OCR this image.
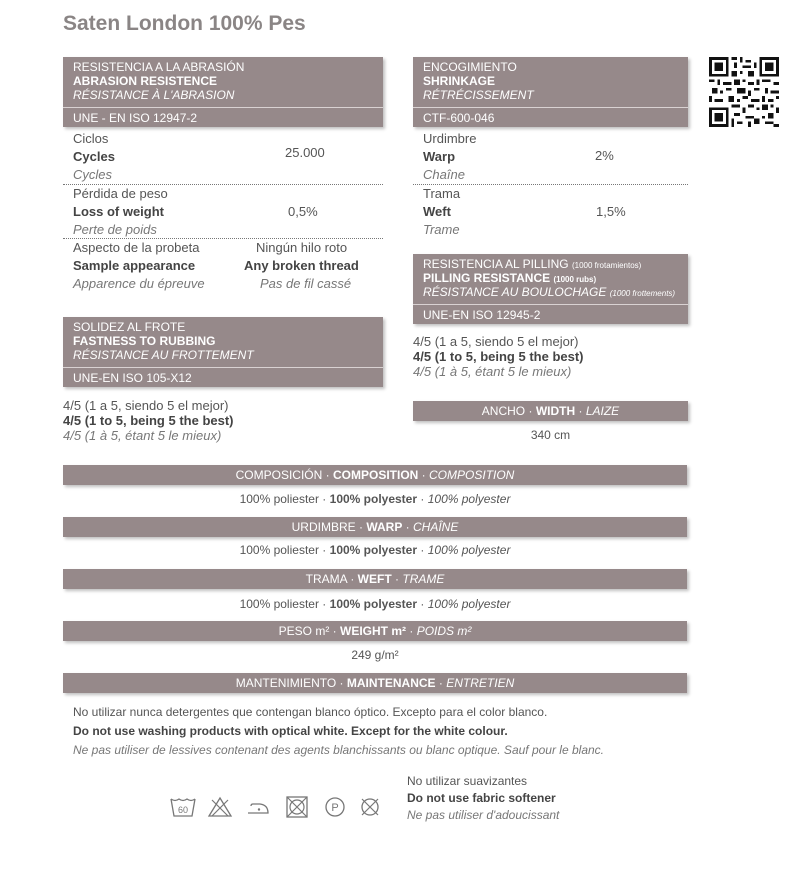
Saten London 100% Pes
RESISTENCIA A LA ABRASIÓN
ABRASION RESISTENCE
RÉSISTANCE À L'ABRASION
UNE - EN ISO 12947-2
Ciclos
Cycles
Cycles
25.000
Pérdida de peso
Loss of weight
Perte de poids
0,5%
Aspecto de la probeta
Sample appearance
Apparence du épreuve
Ningún hilo roto
Any broken thread
Pas de fil cassé
SOLIDEZ AL FROTE
FASTNESS TO RUBBING
RÉSISTANCE AU FROTTEMENT
UNE-EN ISO 105-X12
4/5 (1 a 5, siendo 5 el mejor)
4/5 (1 to 5, being 5 the best)
4/5 (1 à 5, étant 5 le mieux)
ENCOGIMIENTO
SHRINKAGE
RÉTRÉCISSEMENT
CTF-600-046
Urdimbre
Warp
Chaîne
2%
Trama
Weft
Trame
1,5%
RESISTENCIA AL PILLING (1000 frotamientos)
PILLING RESISTANCE (1000 rubs)
RÉSISTANCE AU BOULOCHAGE (1000 frottements)
UNE-EN ISO 12945-2
4/5 (1 a 5, siendo 5 el mejor)
4/5 (1 to 5, being 5 the best)
4/5 (1 à 5, étant 5 le mieux)
ANCHO · WIDTH · LAIZE
340 cm
COMPOSICIÓN · COMPOSITION · COMPOSITION
100% poliester · 100% polyester · 100% polyester
URDIMBRE · WARP · CHAÎNE
100% poliester · 100% polyester · 100% polyester
TRAMA · WEFT · TRAME
100% poliester · 100% polyester · 100% polyester
PESO m² · WEIGHT m² · POIDS m²
249 g/m²
MANTENIMIENTO · MAINTENANCE · ENTRETIEN
No utilizar nunca detergentes que contengan blanco óptico. Excepto para el color blanco.
Do not use washing products with optical white. Except for the white colour.
Ne pas utiliser de lessives contenant des agents blanchissants ou blanc optique. Sauf pour le blanc.
60	P
No utilizar suavizantes
Do not use fabric softener
Ne pas utiliser d'adoucissant
